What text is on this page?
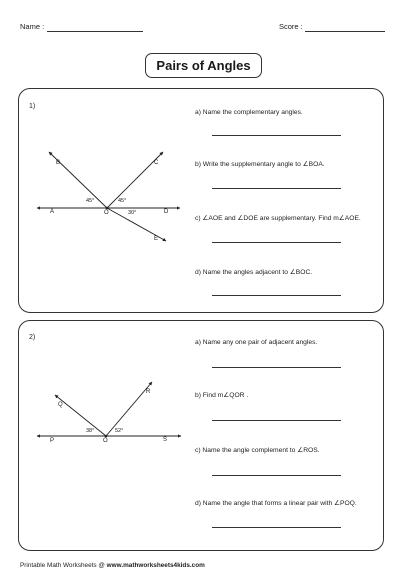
Name :	Score :
Pairs of Angles
1)
B	C
A	O	D
E
45°	45°
30°
a) Name the complementary angles.
b) Write the supplementary angle to ∠BOA.
c) ∠AOE and ∠DOE are supplementary. Find m∠AOE.
d) Name the angles adjacent to ∠BOC.
2)
Q
R
P	O	S
38°	52°
a) Name any one pair of adjacent angles.
b) Find m∠QOR .
c) Name the angle complement to ∠ROS.
d) Name the angle that forms a linear pair with ∠POQ.
Printable Math Worksheets @ www.mathworksheets4kids.com
